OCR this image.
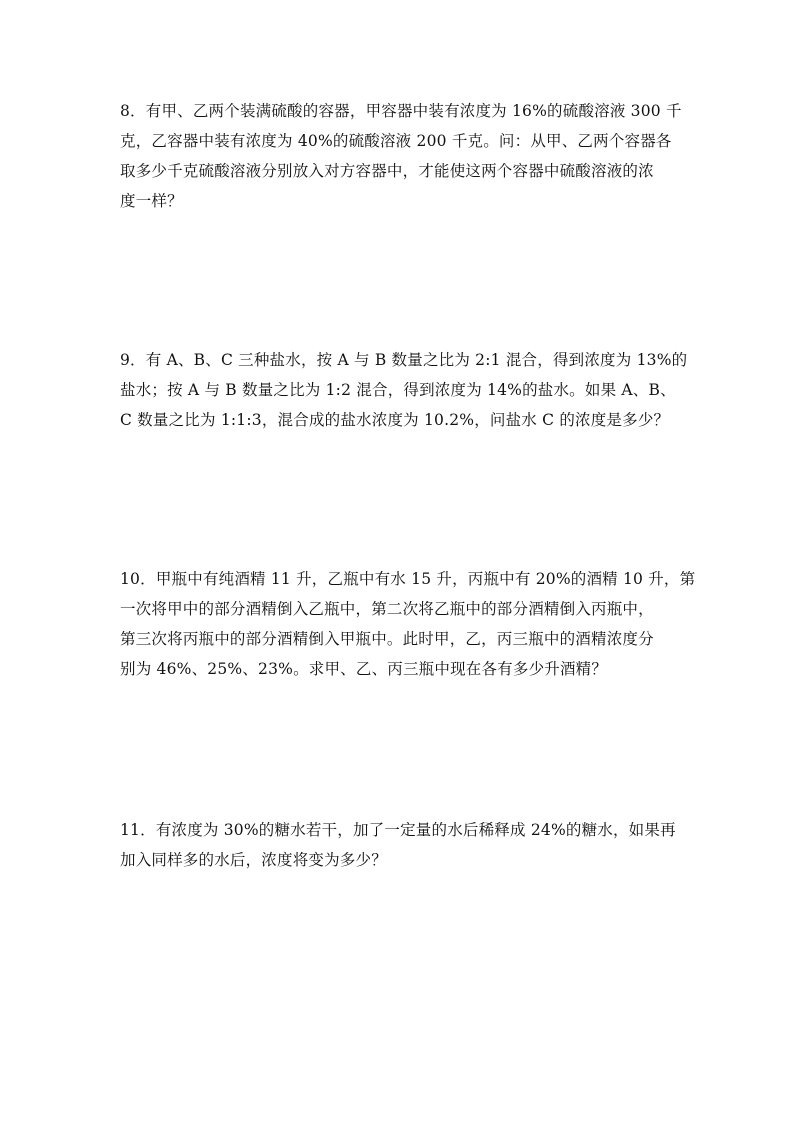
8．有甲、乙两个装满硫酸的容器，甲容器中装有浓度为 16%的硫酸溶液 300 千
克，乙容器中装有浓度为 40%的硫酸溶液 200 千克。问：从甲、乙两个容器各
取多少千克硫酸溶液分别放入对方容器中，才能使这两个容器中硫酸溶液的浓
度一样？
9．有 A、B、C 三种盐水，按 A 与 B 数量之比为 2:1 混合，得到浓度为 13%的
盐水；按 A 与 B 数量之比为 1:2 混合，得到浓度为 14%的盐水。如果 A、B、
C 数量之比为 1:1:3，混合成的盐水浓度为 10.2%，问盐水 C 的浓度是多少？
10．甲瓶中有纯酒精 11 升，乙瓶中有水 15 升，丙瓶中有 20%的酒精 10 升，第
一次将甲中的部分酒精倒入乙瓶中，第二次将乙瓶中的部分酒精倒入丙瓶中，
第三次将丙瓶中的部分酒精倒入甲瓶中。此时甲，乙，丙三瓶中的酒精浓度分
别为 46%、25%、23%。求甲、乙、丙三瓶中现在各有多少升酒精？
11．有浓度为 30%的糖水若干，加了一定量的水后稀释成 24%的糖水，如果再
加入同样多的水后，浓度将变为多少？
